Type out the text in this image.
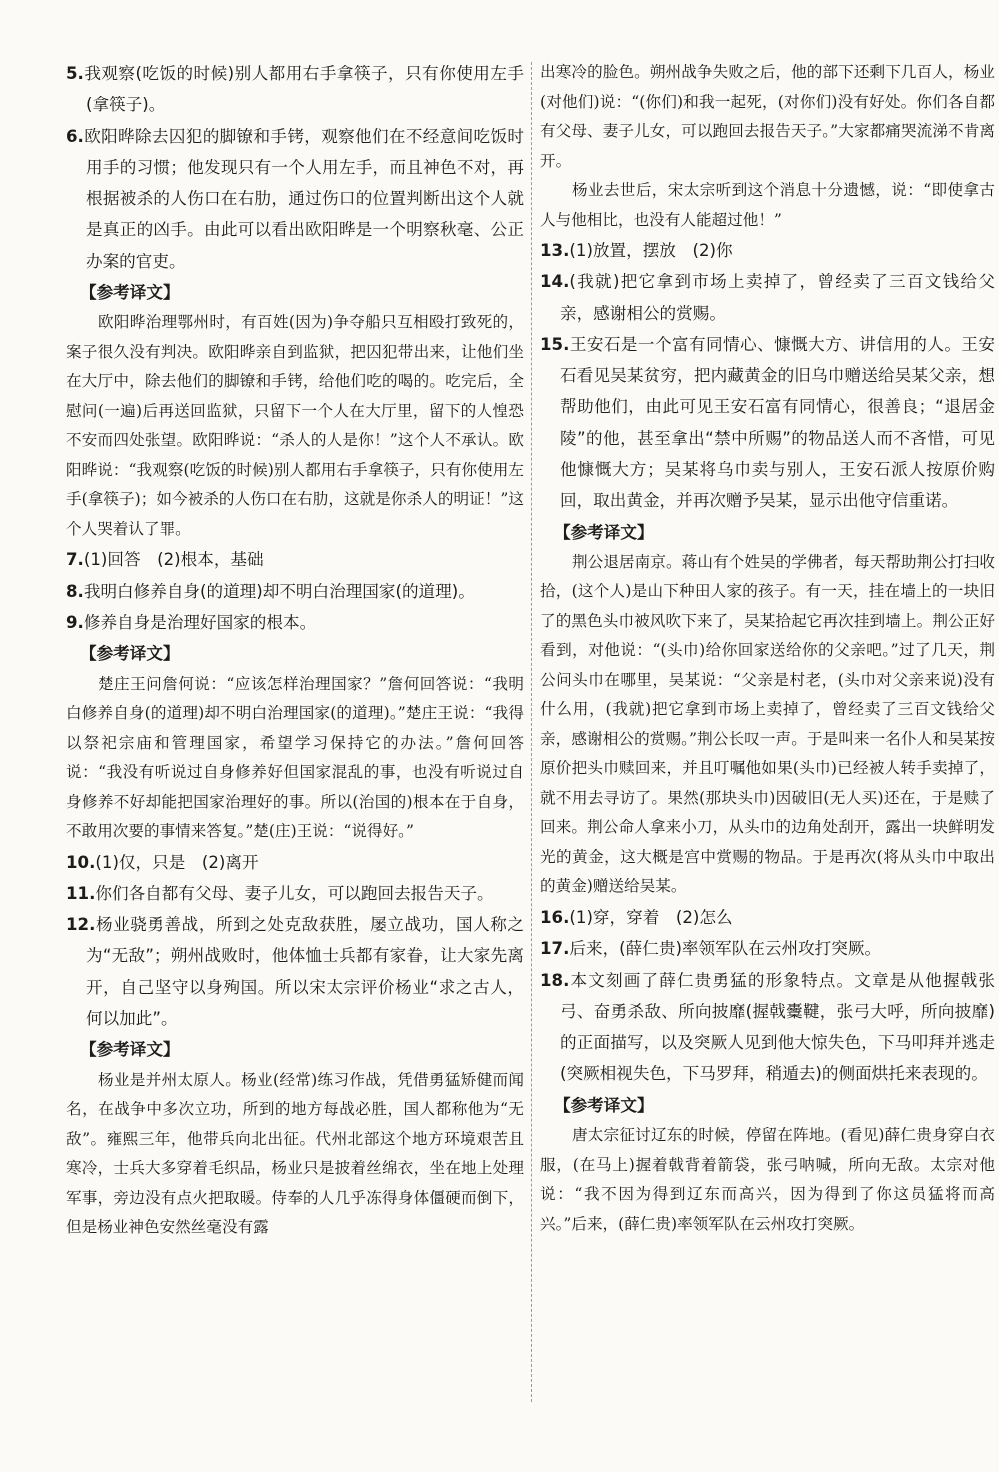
5.我观察(吃饭的时候)别人都用右手拿筷子，只有你使用左手(拿筷子)。

6.欧阳晔除去囚犯的脚镣和手铐，观察他们在不经意间吃饭时用手的习惯；他发现只有一个人用左手，而且神色不对，再根据被杀的人伤口在右肋，通过伤口的位置判断出这个人就是真正的凶手。由此可以看出欧阳晔是一个明察秋毫、公正办案的官吏。

【参考译文】

欧阳晔治理鄂州时，有百姓(因为)争夺船只互相殴打致死的，案子很久没有判决。欧阳晔亲自到监狱，把囚犯带出来，让他们坐在大厅中，除去他们的脚镣和手铐，给他们吃的喝的。吃完后，全慰问(一遍)后再送回监狱，只留下一个人在大厅里，留下的人惶恐不安而四处张望。欧阳晔说：“杀人的人是你！”这个人不承认。欧阳晔说：“我观察(吃饭的时候)别人都用右手拿筷子，只有你使用左手(拿筷子)；如今被杀的人伤口在右肋，这就是你杀人的明证！”这个人哭着认了罪。

7.(1)回答　(2)根本，基础

8.我明白修养自身(的道理)却不明白治理国家(的道理)。

9.修养自身是治理好国家的根本。

【参考译文】

楚庄王问詹何说：“应该怎样治理国家？”詹何回答说：“我明白修养自身(的道理)却不明白治理国家(的道理)。”楚庄王说：“我得以祭祀宗庙和管理国家，希望学习保持它的办法。”詹何回答说：“我没有听说过自身修养好但国家混乱的事，也没有听说过自身修养不好却能把国家治理好的事。所以(治国的)根本在于自身，不敢用次要的事情来答复。”楚(庄)王说：“说得好。”

10.(1)仅，只是　(2)离开

11.你们各自都有父母、妻子儿女，可以跑回去报告天子。

12.杨业骁勇善战，所到之处克敌获胜，屡立战功，国人称之为“无敌”；朔州战败时，他体恤士兵都有家眷，让大家先离开，自己坚守以身殉国。所以宋太宗评价杨业“求之古人，何以加此”。

【参考译文】

杨业是并州太原人。杨业(经常)练习作战，凭借勇猛矫健而闻名，在战争中多次立功，所到的地方每战必胜，国人都称他为“无敌”。雍熙三年，他带兵向北出征。代州北部这个地方环境艰苦且寒冷，士兵大多穿着毛织品，杨业只是披着丝绵衣，坐在地上处理军事，旁边没有点火把取暖。侍奉的人几乎冻得身体僵硬而倒下，但是杨业神色安然丝毫没有露

出寒冷的脸色。朔州战争失败之后，他的部下还剩下几百人，杨业(对他们)说：“(你们)和我一起死，(对你们)没有好处。你们各自都有父母、妻子儿女，可以跑回去报告天子。”大家都痛哭流涕不肯离开。

杨业去世后，宋太宗听到这个消息十分遗憾，说：“即使拿古人与他相比，也没有人能超过他！”

13.(1)放置，摆放　(2)你

14.(我就)把它拿到市场上卖掉了，曾经卖了三百文钱给父亲，感谢相公的赏赐。

15.王安石是一个富有同情心、慷慨大方、讲信用的人。王安石看见吴某贫穷，把内藏黄金的旧乌巾赠送给吴某父亲，想帮助他们，由此可见王安石富有同情心，很善良；“退居金陵”的他，甚至拿出“禁中所赐”的物品送人而不吝惜，可见他慷慨大方；吴某将乌巾卖与别人，王安石派人按原价购回，取出黄金，并再次赠予吴某，显示出他守信重诺。

【参考译文】

荆公退居南京。蒋山有个姓吴的学佛者，每天帮助荆公打扫收拾，(这个人)是山下种田人家的孩子。有一天，挂在墙上的一块旧了的黑色头巾被风吹下来了，吴某拾起它再次挂到墙上。荆公正好看到，对他说：“(头巾)给你回家送给你的父亲吧。”过了几天，荆公问头巾在哪里，吴某说：“父亲是村老，(头巾对父亲来说)没有什么用，(我就)把它拿到市场上卖掉了，曾经卖了三百文钱给父亲，感谢相公的赏赐。”荆公长叹一声。于是叫来一名仆人和吴某按原价把头巾赎回来，并且叮嘱他如果(头巾)已经被人转手卖掉了，就不用去寻访了。果然(那块头巾)因破旧(无人买)还在，于是赎了回来。荆公命人拿来小刀，从头巾的边角处刮开，露出一块鲜明发光的黄金，这大概是宫中赏赐的物品。于是再次(将从头巾中取出的黄金)赠送给吴某。

16.(1)穿，穿着　(2)怎么

17.后来，(薛仁贵)率领军队在云州攻打突厥。

18.本文刻画了薛仁贵勇猛的形象特点。文章是从他握戟张弓、奋勇杀敌、所向披靡(握戟櫜鞬，张弓大呼，所向披靡)的正面描写，以及突厥人见到他大惊失色，下马叩拜并逃走(突厥相视失色，下马罗拜，稍遁去)的侧面烘托来表现的。

【参考译文】

唐太宗征讨辽东的时候，停留在阵地。(看见)薛仁贵身穿白衣服，(在马上)握着戟背着箭袋，张弓呐喊，所向无敌。太宗对他说：“我不因为得到辽东而高兴，因为得到了你这员猛将而高兴。”后来，(薛仁贵)率领军队在云州攻打突厥。
